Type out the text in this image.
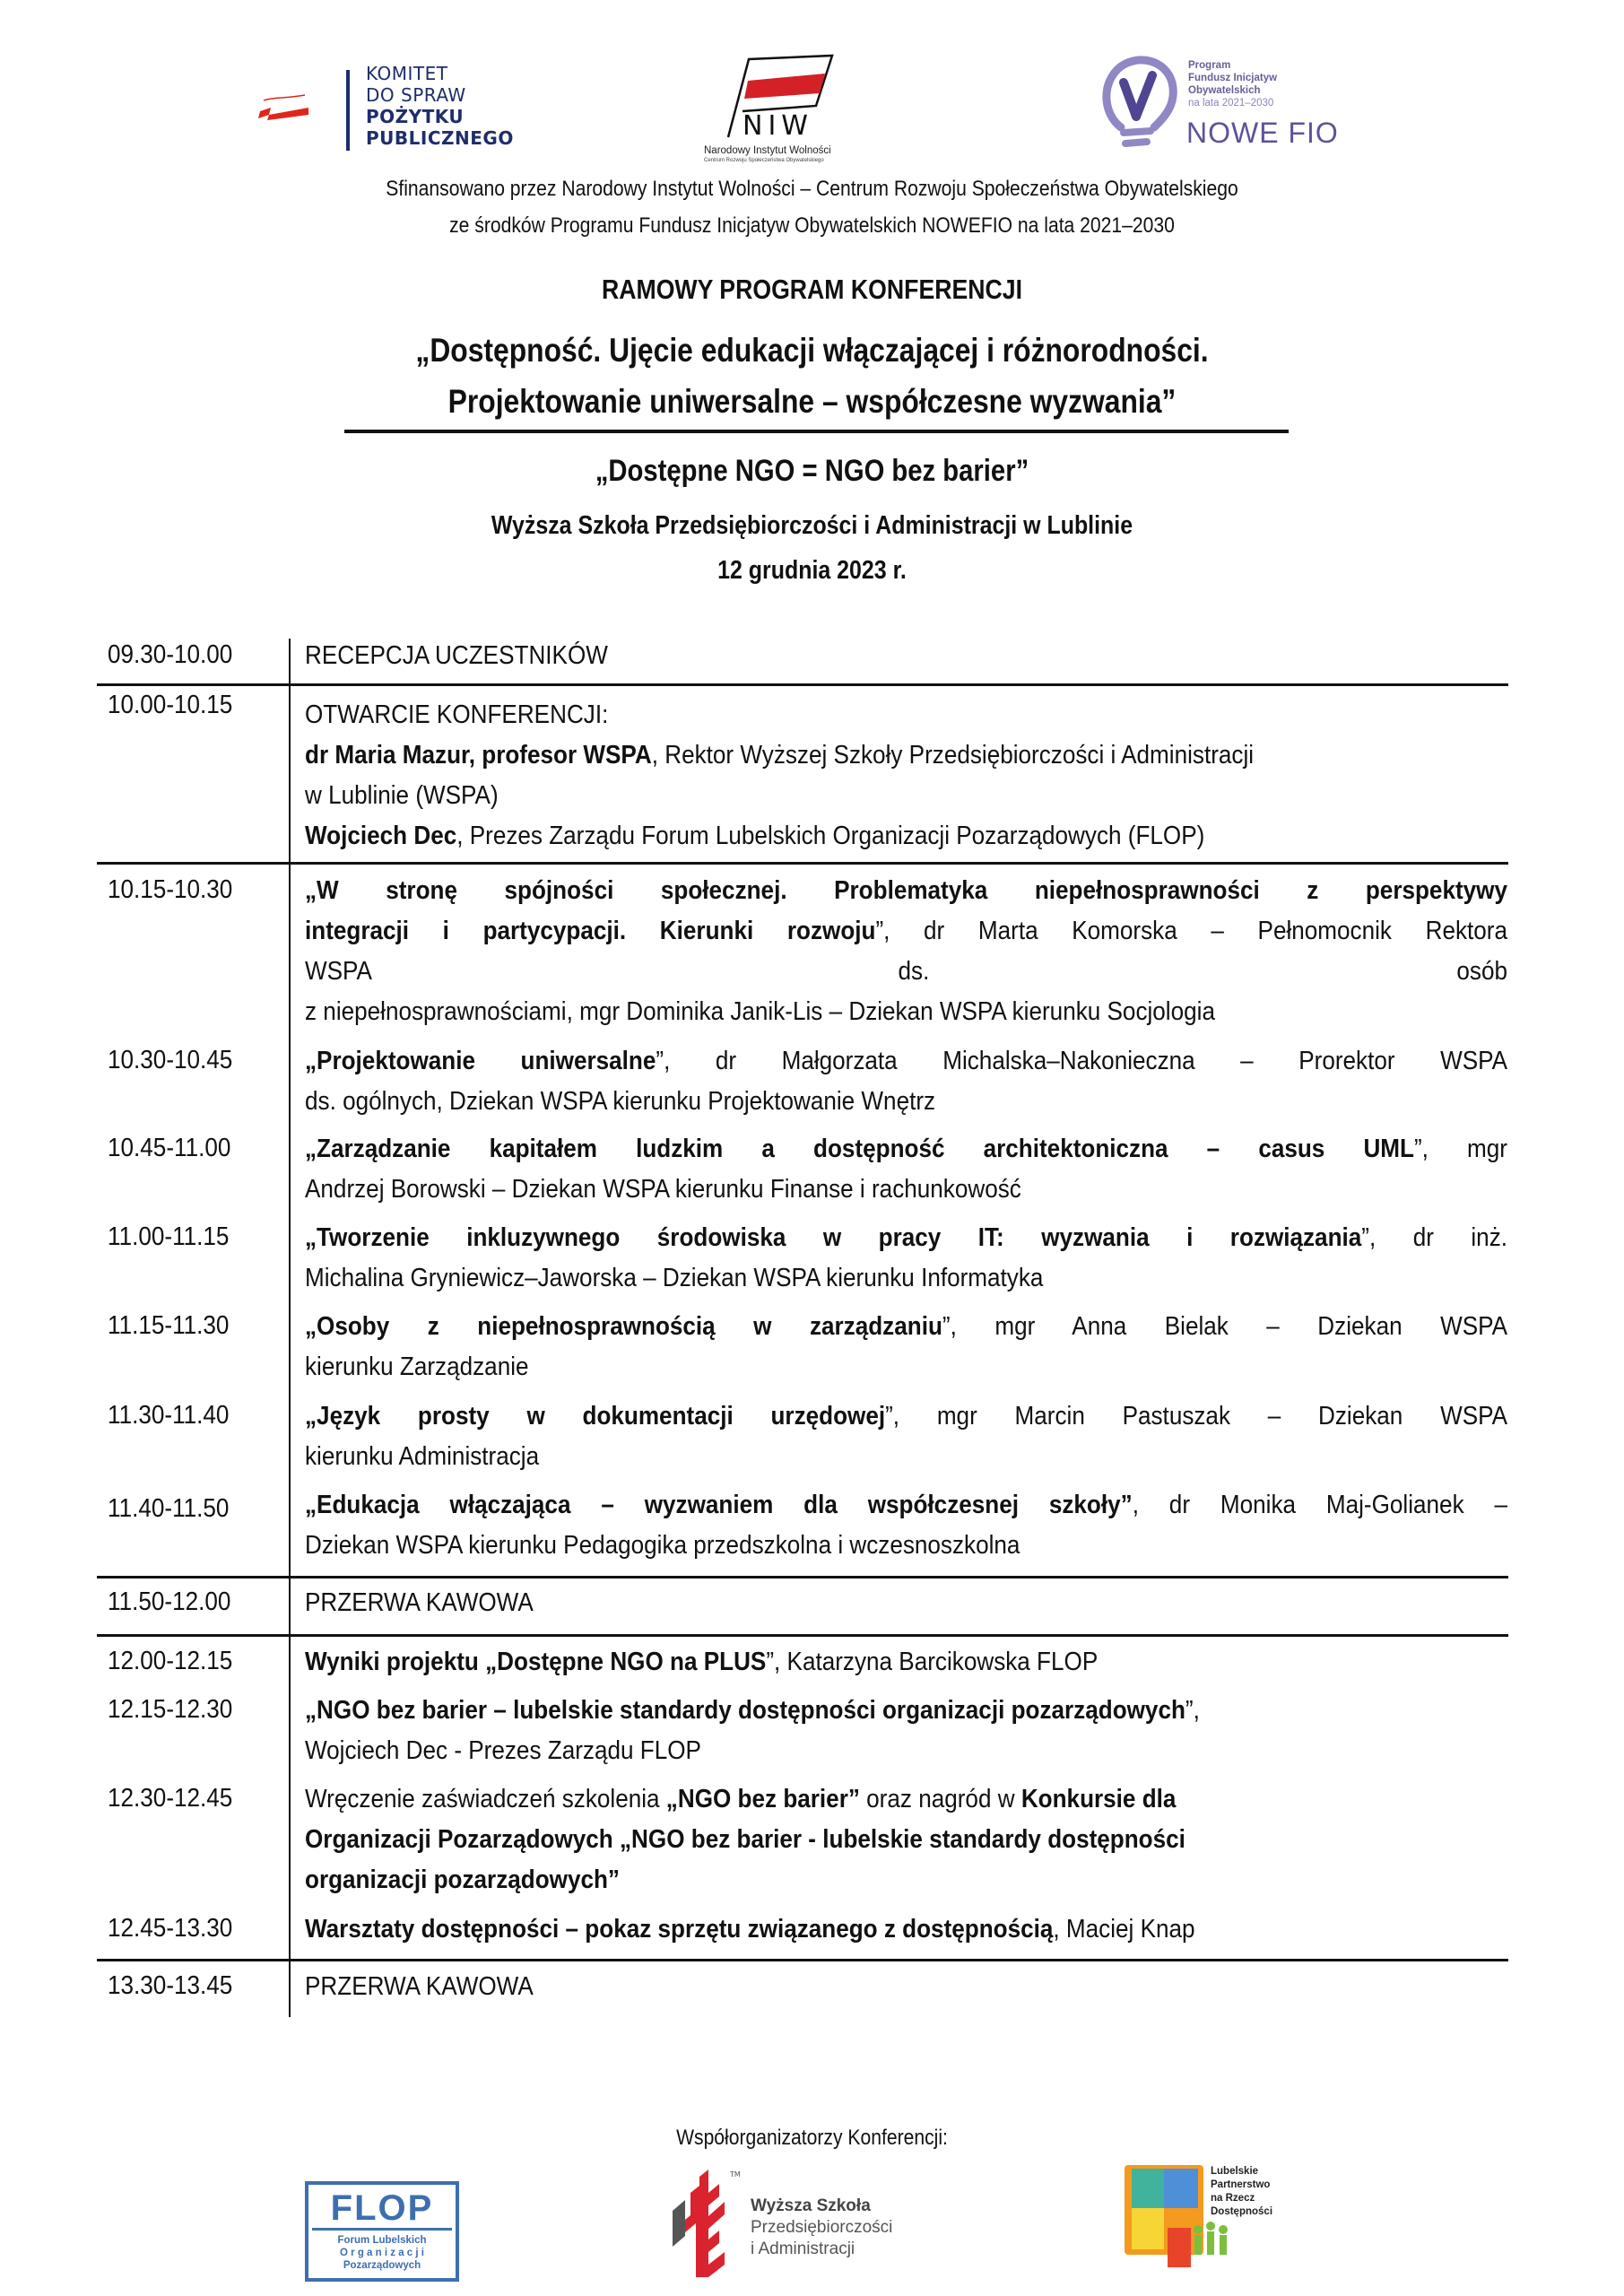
KOMITET
DO SPRAW
POŻYTKU
PUBLICZNEGO	NIW
Narodowy Instytut Wolności
Centrum Rozwoju Społeczeństwa Obywatelskiego
Program
Fundusz Inicjatyw
Obywatelskich
na lata 2021–2030
NOWE FIO
Sfinansowano przez Narodowy Instytut Wolności – Centrum Rozwoju Społeczeństwa Obywatelskiego
ze środków Programu Fundusz Inicjatyw Obywatelskich NOWEFIO na lata 2021–2030
RAMOWY PROGRAM KONFERENCJI
„Dostępność. Ujęcie edukacji włączającej i różnorodności.
Projektowanie uniwersalne – współczesne wyzwania”
„Dostępne NGO = NGO bez barier”
Wyższa Szkoła Przedsiębiorczości i Administracji w Lublinie
12 grudnia 2023 r.
09.30-10.00	RECEPCJA UCZESTNIKÓW
10.00-10.15	OTWARCIE KONFERENCJI:
dr Maria Mazur, profesor WSPA, Rektor Wyższej Szkoły Przedsiębiorczości i Administracji
w Lublinie (WSPA)
Wojciech Dec, Prezes Zarządu Forum Lubelskich Organizacji Pozarządowych (FLOP)
10.15-10.30	„W stronę spójności społecznej. Problematyka niepełnosprawności z perspektywy
integracji i partycypacji. Kierunki rozwoju”, dr Marta Komorska – Pełnomocnik Rektora
WSPA ds. osób
z niepełnosprawnościami, mgr Dominika Janik-Lis – Dziekan WSPA kierunku Socjologia
10.30-10.45	„Projektowanie uniwersalne”, dr Małgorzata Michalska–Nakonieczna – Prorektor WSPA
ds. ogólnych, Dziekan WSPA kierunku Projektowanie Wnętrz
10.45-11.00	„Zarządzanie kapitałem ludzkim a dostępność architektoniczna – casus UML”, mgr
Andrzej Borowski – Dziekan WSPA kierunku Finanse i rachunkowość
11.00-11.15	„Tworzenie inkluzywnego środowiska w pracy IT: wyzwania i rozwiązania”, dr inż.
Michalina Gryniewicz–Jaworska – Dziekan WSPA kierunku Informatyka
11.15-11.30	„Osoby z niepełnosprawnością w zarządzaniu”, mgr Anna Bielak – Dziekan WSPA
kierunku Zarządzanie
11.30-11.40	„Język prosty w dokumentacji urzędowej”, mgr Marcin Pastuszak – Dziekan WSPA
kierunku Administracja
11.40-11.50	„Edukacja włączająca – wyzwaniem dla współczesnej szkoły”, dr Monika Maj-Golianek –
Dziekan WSPA kierunku Pedagogika przedszkolna i wczesnoszkolna
11.50-12.00	PRZERWA KAWOWA
12.00-12.15	Wyniki projektu „Dostępne NGO na PLUS”, Katarzyna Barcikowska FLOP
12.15-12.30	„NGO bez barier – lubelskie standardy dostępności organizacji pozarządowych”,
Wojciech Dec - Prezes Zarządu FLOP
12.30-12.45	Wręczenie zaświadczeń szkolenia „NGO bez barier” oraz nagród w Konkursie dla
Organizacji Pozarządowych „NGO bez barier - lubelskie standardy dostępności
organizacji pozarządowych”
12.45-13.30	Warsztaty dostępności – pokaz sprzętu związanego z dostępnością, Maciej Knap
13.30-13.45	PRZERWA KAWOWA
Współorganizatorzy Konferencji:
FLOP
Forum Lubelskich
O r g a n i z a c j i
Pozarządowych
TM
Wyższa Szkoła
Przedsiębiorczości
i Administracji
Lubelskie
Partnerstwo
na Rzecz
Dostępności
